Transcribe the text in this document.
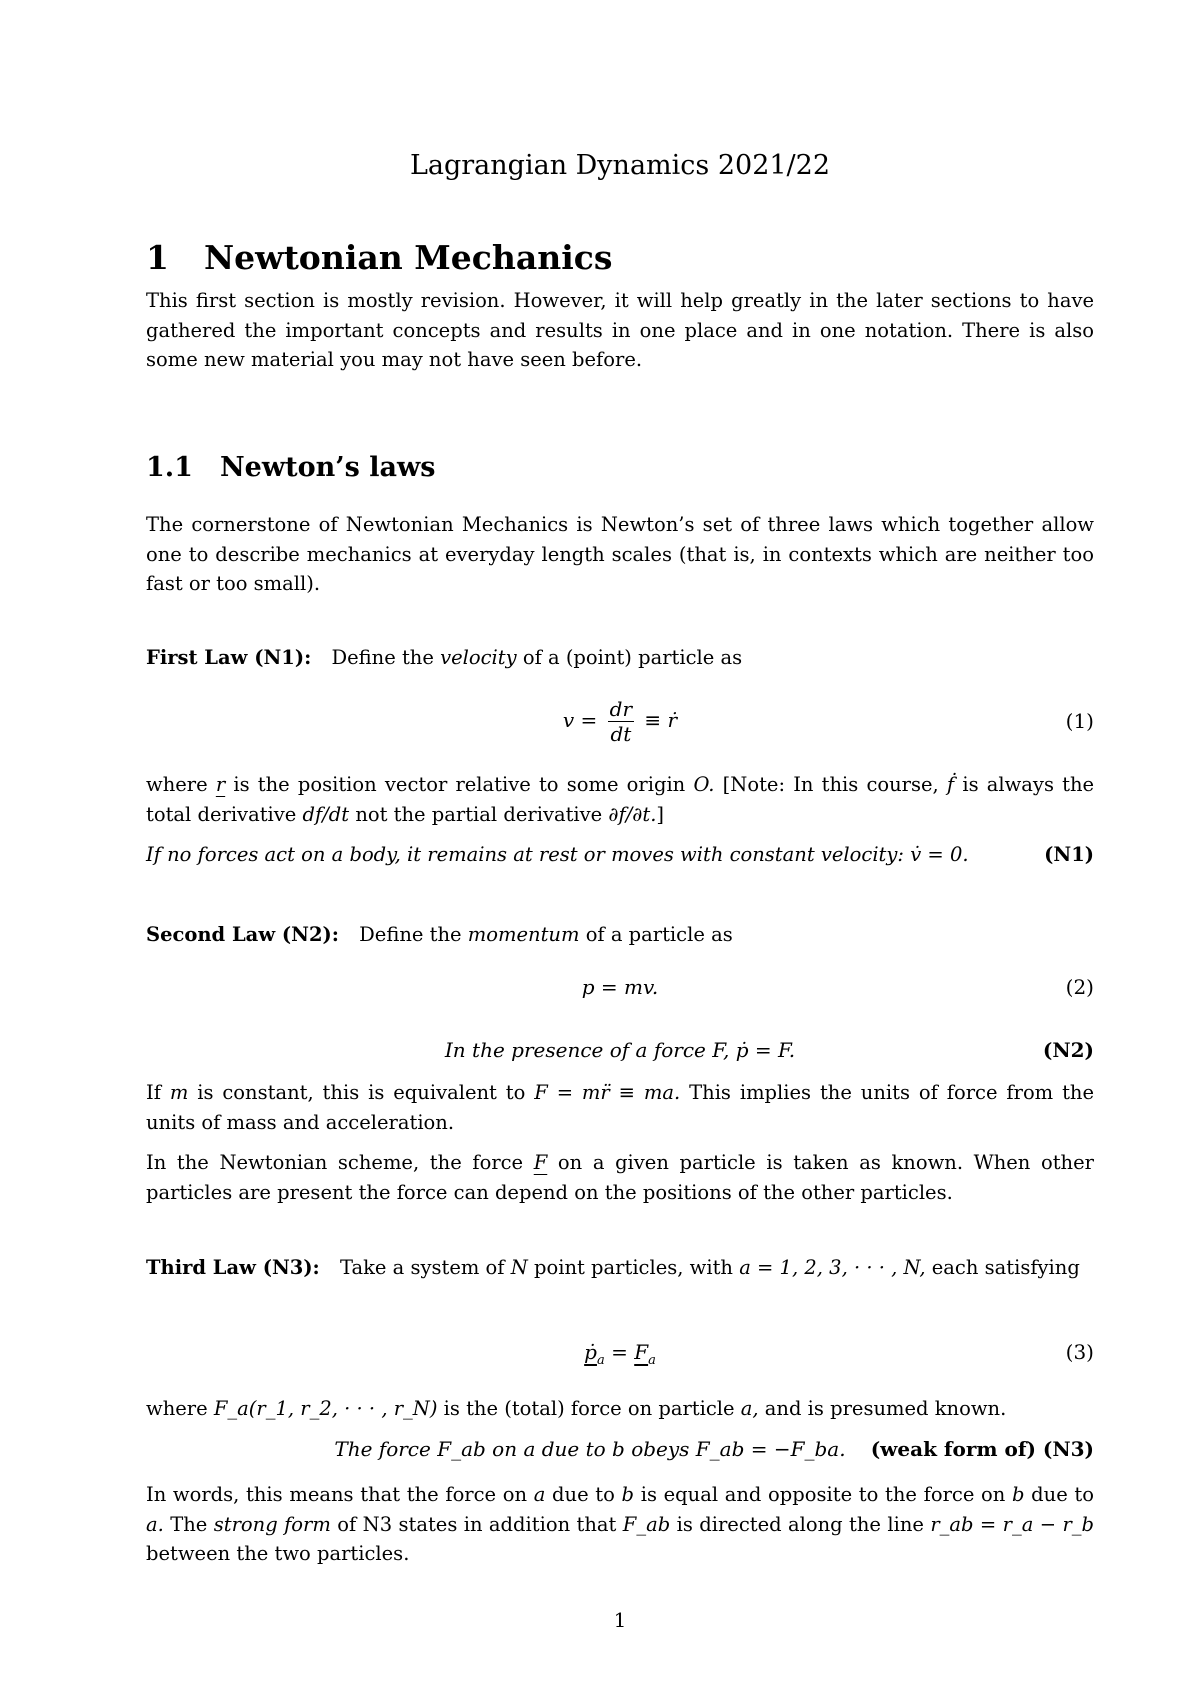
Lagrangian Dynamics 2021/22
1 Newtonian Mechanics

This first section is mostly revision. However, it will help greatly in the later sections to have gathered the important concepts and results in one place and in one notation. There is also some new material you may not have seen before.

1.1 Newton’s laws

The cornerstone of Newtonian Mechanics is Newton’s set of three laws which together allow one to describe mechanics at everyday length scales (that is, in contexts which are neither too fast or too small).

First Law (N1): Define the velocity of a (point) particle as

$v = \frac{dr}{dt}$ ≡ ṙ	(1)

where r is the position vector relative to some origin O. [Note: In this course, ḟ is always the total derivative df/dt not the partial derivative ∂f/∂t.]

If no forces act on a body, it remains at rest or moves with constant velocity: v̇ = 0.	(N1)

Second Law (N2): Define the momentum of a particle as

p = mv.	(2)
In the presence of a force F, ṗ = F.	(N2)

If m is constant, this is equivalent to F = mr̈ ≡ ma. This implies the units of force from the units of mass and acceleration.

In the Newtonian scheme, the force F on a given particle is taken as known. When other particles are present the force can depend on the positions of the other particles.

Third Law (N3): Take a system of N point particles, with a = 1, 2, 3, · · · , N, each satisfying

ṗ$_a$ = $F_a$	(3)

where F_a(r_1, r_2, · · · , r_N) is the (total) force on particle a, and is presumed known.

The force F_ab on a due to b obeys F_ab = −F_ba.	(weak form of) (N3)

In words, this means that the force on a due to b is equal and opposite to the force on b due to a. The strong form of N3 states in addition that F_ab is directed along the line r_ab = r_a − r_b between the two particles.

1
